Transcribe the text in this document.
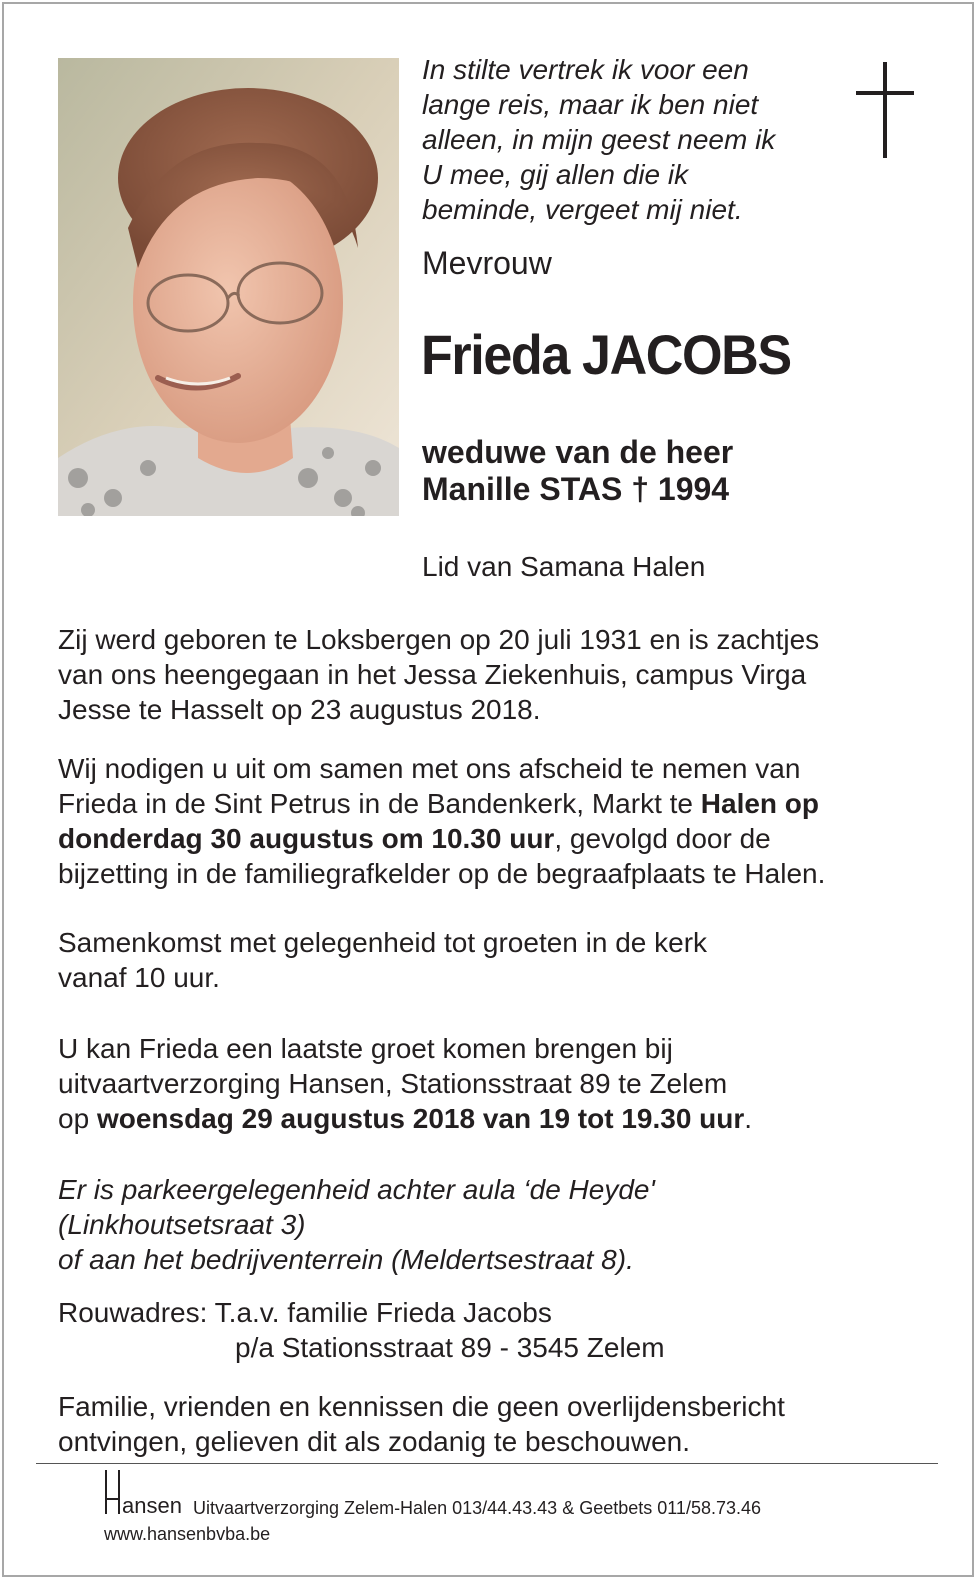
In stilte vertrek ik voor een
lange reis, maar ik ben niet
alleen, in mijn geest neem ik
U mee, gij allen die ik
beminde, vergeet mij niet.
Mevrouw
Frieda JACOBS
weduwe van de heer
Manille STAS † 1994
Lid van Samana Halen
Zij werd geboren te Loksbergen op 20 juli 1931 en is zachtjes
van ons heengegaan in het Jessa Ziekenhuis, campus Virga
Jesse te Hasselt op 23 augustus 2018.
Wij nodigen u uit om samen met ons afscheid te nemen van
Frieda in de Sint Petrus in de Bandenkerk, Markt te Halen op
donderdag 30 augustus om 10.30 uur, gevolgd door de
bijzetting in de familiegrafkelder op de begraafplaats te Halen.
Samenkomst met gelegenheid tot groeten in de kerk
vanaf 10 uur.
U kan Frieda een laatste groet komen brengen bij
uitvaartverzorging Hansen, Stationsstraat 89 te Zelem
op woensdag 29 augustus 2018 van 19 tot 19.30 uur.
Er is parkeergelegenheid achter aula ‘de Heyde'
(Linkhoutsetsraat 3)
of aan het bedrijventerrein (Meldertsestraat 8).
Rouwadres: T.a.v. familie Frieda Jacobs
p/a Stationsstraat 89 - 3545 Zelem
Familie, vrienden en kennissen die geen overlijdensbericht
ontvingen, gelieven dit als zodanig te beschouwen.
ansen Uitvaartverzorging Zelem-Halen 013/44.43.43 & Geetbets 011/58.73.46
www.hansenbvba.be
